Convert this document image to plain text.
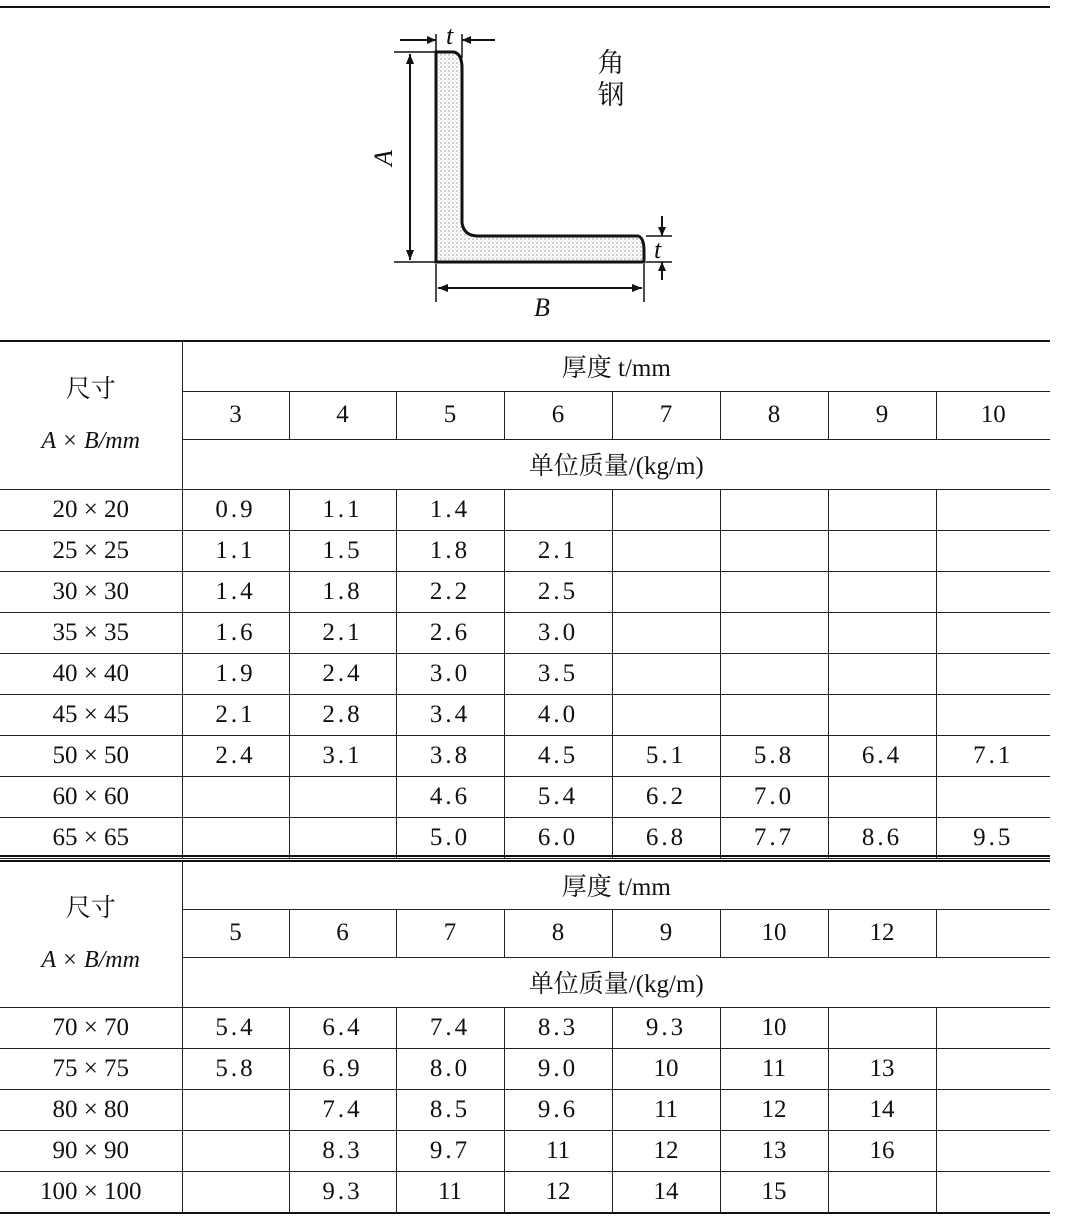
t
A
t
B
角
钢
尺寸
A × B/mm	厚度 t/mm							
	3	4	5	6	7	8	9	10
	单位质量/(kg/m)							
20 × 20	0.9	1.1	1.4					
25 × 25	1.1	1.5	1.8	2.1				
30 × 30	1.4	1.8	2.2	2.5				
35 × 35	1.6	2.1	2.6	3.0				
40 × 40	1.9	2.4	3.0	3.5				
45 × 45	2.1	2.8	3.4	4.0				
50 × 50	2.4	3.1	3.8	4.5	5.1	5.8	6.4	7.1
60 × 60			4.6	5.4	6.2	7.0		
65 × 65			5.0	6.0	6.8	7.7	8.6	9.5
尺寸
A × B/mm	厚度 t/mm							
	5	6	7	8	9	10	12	
	单位质量/(kg/m)							
70 × 70	5.4	6.4	7.4	8.3	9.3	10		
75 × 75	5.8	6.9	8.0	9.0	10	11	13	
80 × 80		7.4	8.5	9.6	11	12	14	
90 × 90		8.3	9.7	11	12	13	16	
100 × 100		9.3	11	12	14	15		
